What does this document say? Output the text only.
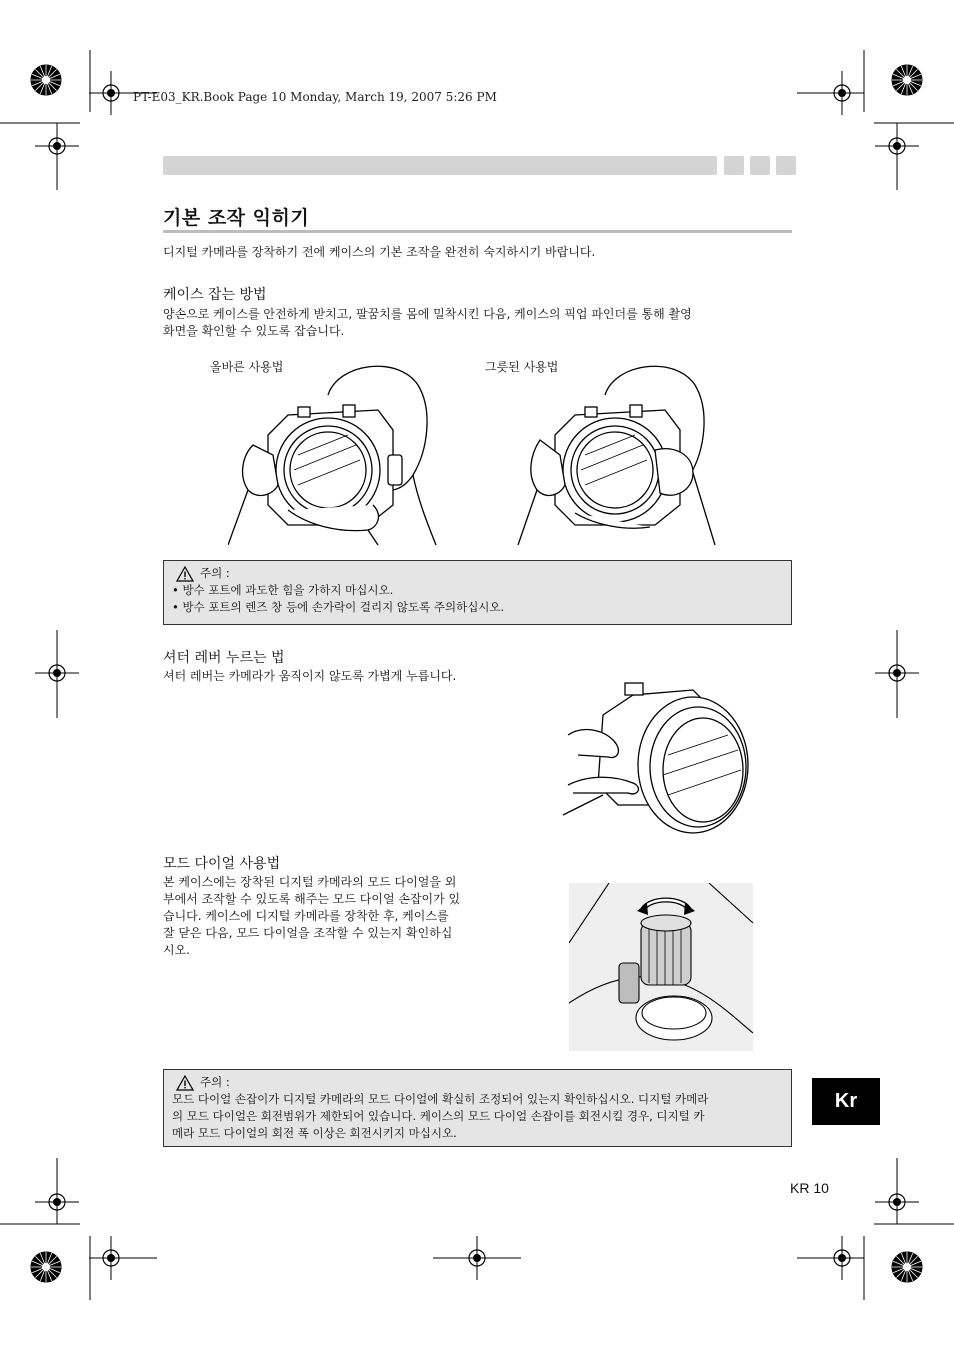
PT-E03_KR.Book Page 10 Monday, March 19, 2007 5:26 PM
기본 조작 익히기
디지털 카메라를 장착하기 전에 케이스의 기본 조작을 완전히 숙지하시기 바랍니다.
케이스 잡는 방법
양손으로 케이스를 안전하게 받치고, 팔꿈치를 몸에 밀착시킨 다음, 케이스의 픽업 파인더를 통해 촬영
화면을 확인할 수 있도록 잡습니다.
올바른 사용법	그릇된 사용법
주의 :
• 방수 포트에 과도한 힘을 가하지 마십시오.
• 방수 포트의 렌즈 창 등에 손가락이 걸리지 않도록 주의하십시오.
셔터 레버 누르는 법
셔터 레버는 카메라가 움직이지 않도록 가볍게 누릅니다.
모드 다이얼 사용법
본 케이스에는 장착된 디지털 카메라의 모드 다이얼을 외
부에서 조작할 수 있도록 해주는 모드 다이얼 손잡이가 있
습니다. 케이스에 디지털 카메라를 장착한 후, 케이스를
잘 닫은 다음, 모드 다이얼을 조작할 수 있는지 확인하십
시오.
주의 :
모드 다이얼 손잡이가 디지털 카메라의 모드 다이얼에 확실히 조정되어 있는지 확인하십시오. 디지털 카메라
의 모드 다이얼은 회전범위가 제한되어 있습니다. 케이스의 모드 다이얼 손잡이를 회전시킬 경우, 디지털 카
메라 모드 다이얼의 회전 폭 이상은 회전시키지 마십시오.
Kr
KR 10
